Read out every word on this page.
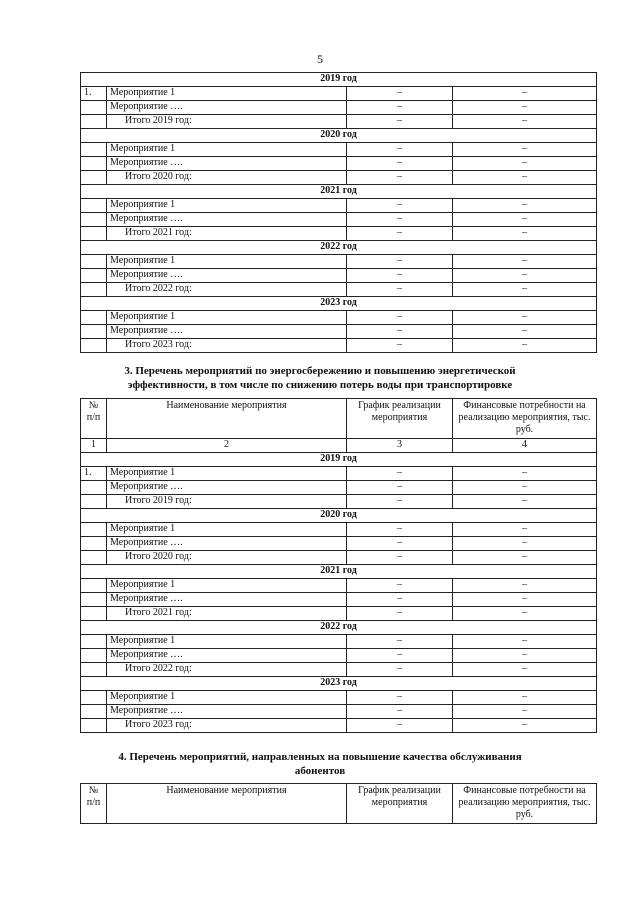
5
2019 год			
1.	Мероприятие 1	–	–
	Мероприятие ….	–	–
	Итого 2019 год:	–	–
2020 год			
	Мероприятие 1	–	–
	Мероприятие ….	–	–
	Итого 2020 год:	–	–
2021 год			
	Мероприятие 1	–	–
	Мероприятие ….	–	–
	Итого 2021 год:	–	–
2022 год			
	Мероприятие 1	–	–
	Мероприятие ….	–	–
	Итого 2022 год:	–	–
2023 год			
	Мероприятие 1	–	–
	Мероприятие ….	–	–
	Итого 2023 год:	–	–
3. Перечень мероприятий по энергосбережению и повышению энергетической
эффективности, в том числе по снижению потерь воды при транспортировке
№ п/п	Наименование мероприятия	График реализации мероприятия	Финансовые потребности на реализацию мероприятия, тыс. руб.
1	2	3	4
2019 год			
1.	Мероприятие 1	–	–
	Мероприятие ….	–	–
	Итого 2019 год:	–	–
2020 год			
	Мероприятие 1	–	–
	Мероприятие ….	–	–
	Итого 2020 год:	–	–
2021 год			
	Мероприятие 1	–	–
	Мероприятие ….	–	–
	Итого 2021 год:	–	–
2022 год			
	Мероприятие 1	–	–
	Мероприятие ….	–	–
	Итого 2022 год:	–	–
2023 год			
	Мероприятие 1	–	–
	Мероприятие ….	–	–
	Итого 2023 год:	–	–
4. Перечень мероприятий, направленных на повышение качества обслуживания
абонентов
№ п/п	Наименование мероприятия	График реализации мероприятия	Финансовые потребности на реализацию мероприятия, тыс. руб.
